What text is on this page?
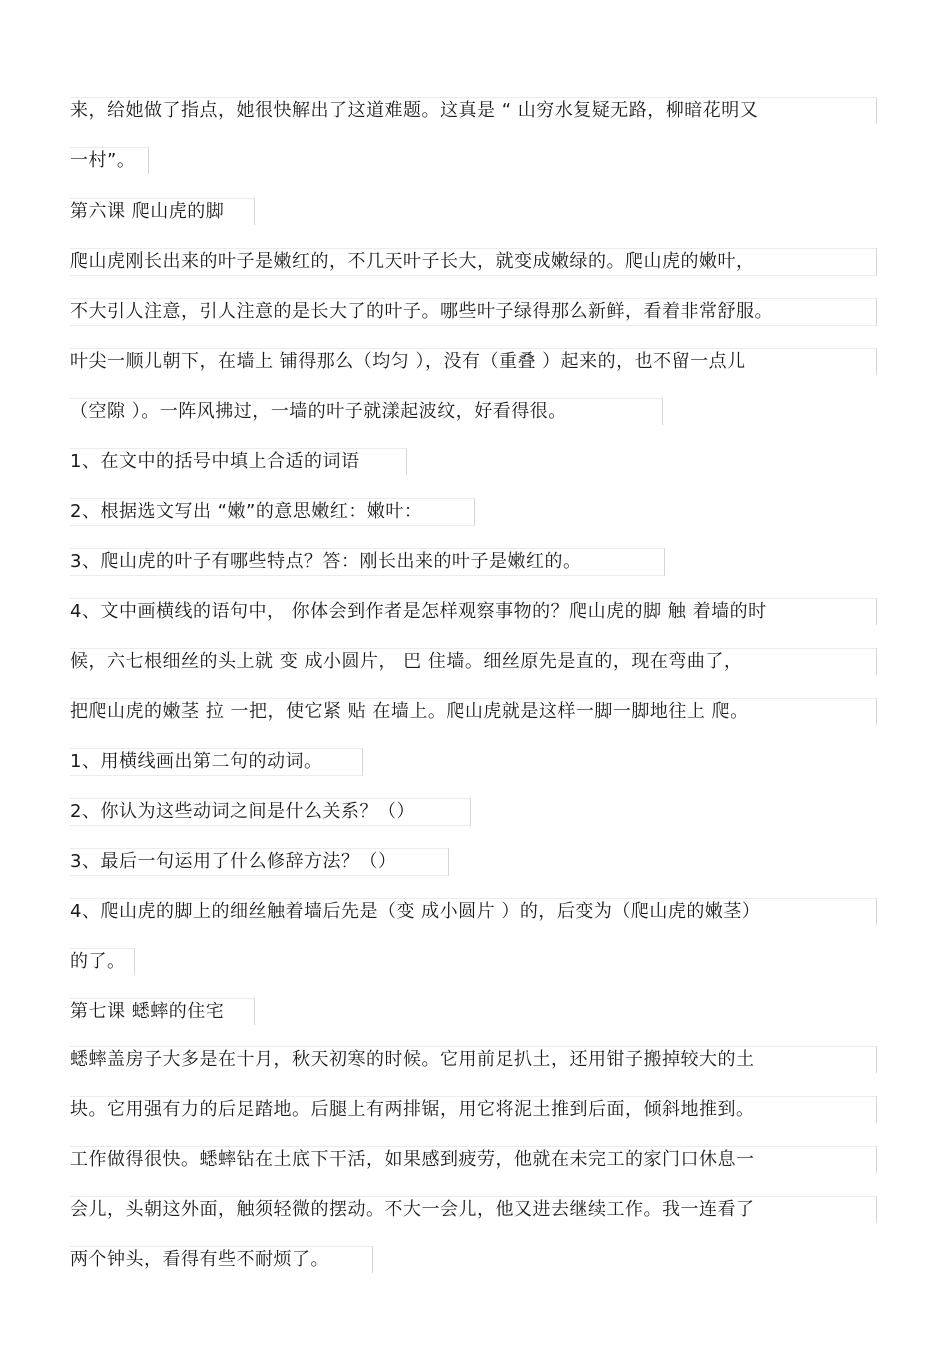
来，给她做了指点，她很快解出了这道难题。这真是 “ 山穷水复疑无路，柳暗花明又
一村”。
第六课 爬山虎的脚
爬山虎刚长出来的叶子是嫩红的，不几天叶子长大，就变成嫩绿的。爬山虎的嫩叶，
不大引人注意，引人注意的是长大了的叶子。哪些叶子绿得那么新鲜，看着非常舒服。
叶尖一顺儿朝下，在墙上 铺得那么（均匀 ），没有（重叠 ）起来的，也不留一点儿
（空隙 ）。一阵风拂过，一墙的叶子就漾起波纹，好看得很。
1、在文中的括号中填上合适的词语
2、根据选文写出 “嫩”的意思嫩红：嫩叶：
3、爬山虎的叶子有哪些特点？答：刚长出来的叶子是嫩红的。
4、文中画横线的语句中， 你体会到作者是怎样观察事物的？爬山虎的脚 触 着墙的时
候，六七根细丝的头上就 变 成小圆片， 巴 住墙。细丝原先是直的，现在弯曲了，
把爬山虎的嫩茎 拉 一把，使它紧 贴 在墙上。爬山虎就是这样一脚一脚地往上 爬。
1、用横线画出第二句的动词。
2、你认为这些动词之间是什么关系？（）
3、最后一句运用了什么修辞方法？（）
4、爬山虎的脚上的细丝触着墙后先是（变 成小圆片 ）的，后变为（爬山虎的嫩茎）
的了。
第七课 蟋蟀的住宅
蟋蟀盖房子大多是在十月，秋天初寒的时候。它用前足扒土，还用钳子搬掉较大的土
块。它用强有力的后足踏地。后腿上有两排锯，用它将泥土推到后面，倾斜地推到。
工作做得很快。蟋蟀钻在土底下干活，如果感到疲劳，他就在未完工的家门口休息一
会儿，头朝这外面，触须轻微的摆动。不大一会儿，他又进去继续工作。我一连看了
两个钟头，看得有些不耐烦了。
